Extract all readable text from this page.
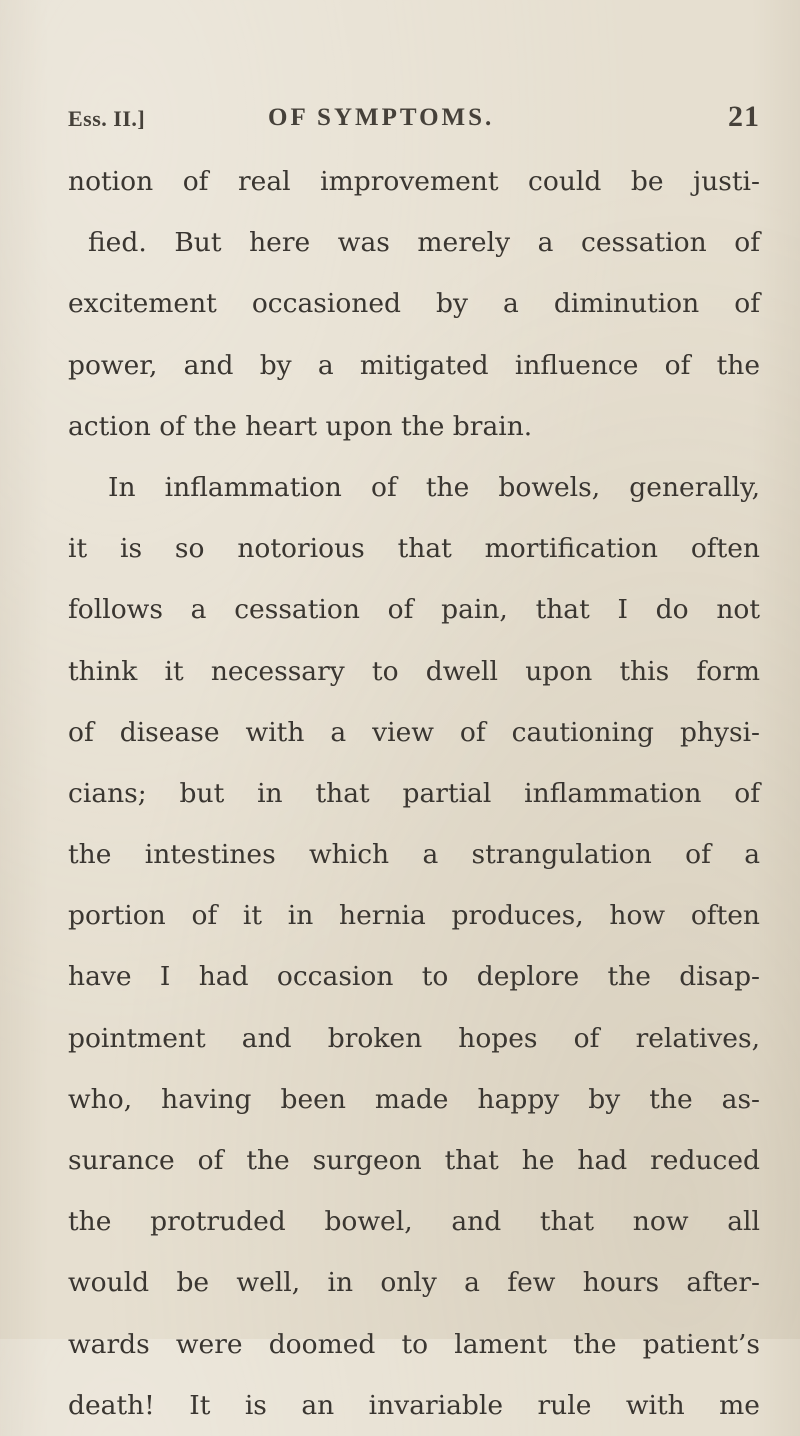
Ess. II.]	OF SYMPTOMS.	21
notion of real improvement could be justi-
fied. But here was merely a cessation of
excitement occasioned by a diminution of
power, and by a mitigated influence of the
action of the heart upon the brain.
In inflammation of the bowels, generally,
it is so notorious that mortification often
follows a cessation of pain, that I do not
think it necessary to dwell upon this form
of disease with a view of cautioning physi-
cians; but in that partial inflammation of
the intestines which a strangulation of a
portion of it in hernia produces, how often
have I had occasion to deplore the disap-
pointment and broken hopes of relatives,
who, having been made happy by the as-
surance of the surgeon that he had reduced
the protruded bowel, and that now all
would be well, in only a few hours after-
wards were doomed to lament the patient’s
death! It is an invariable rule with me
